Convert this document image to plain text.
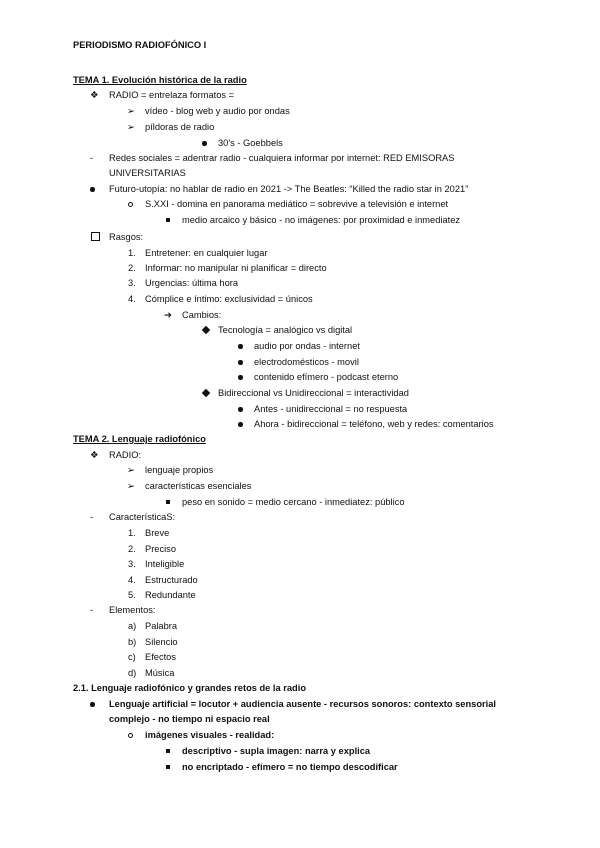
PERIODISMO RADIOFÓNICO I
TEMA 1. Evolución histórica de la radio
❖ RADIO = entrelaza formatos =
➢ vídeo - blog web y audio por ondas
➢ píldoras de radio
30's - Goebbels
- Redes sociales = adentrar radio - cualquiera informar por internet: RED EMISORAS
UNIVERSITARIAS
Futuro-utopía: no hablar de radio en 2021 -> The Beatles: “Killed the radio star in 2021”
S.XXI - domina en panorama mediático = sobrevive a televisión e internet
medio arcaico y básico - no imágenes: por proximidad e inmediatez
Rasgos:
1. Entretener: en cualquier lugar
2. Informar: no manipular ni planificar = directo
3. Urgencias: última hora
4. Cómplice e íntimo: exclusividad = únicos
➔ Cambios:
Tecnología = analógico vs digital
audio por ondas - internet
electrodomésticos - movil
contenido efímero - podcast eterno
Bidireccional vs Unidireccional = interactividad
Antes - unidireccional = no respuesta
Ahora - bidireccional = teléfono, web y redes: comentarios
TEMA 2. Lenguaje radiofónico
❖ RADIO:
➢ lenguaje propios
➢ características esenciales
peso en sonido = medio cercano - inmediatez: público
- CaracterísticaS:
1. Breve
2. Preciso
3. Inteligible
4. Estructurado
5. Redundante
- Elementos:
a) Palabra
b) Silencio
c) Efectos
d) Música
2.1. Lenguaje radiofónico y grandes retos de la radio
Lenguaje artificial = locutor + audiencia ausente - recursos sonoros: contexto sensorial
complejo - no tiempo ni espacio real
imágenes visuales - realidad:
descriptivo - supla imagen: narra y explica
no encriptado - efímero = no tiempo descodificar
